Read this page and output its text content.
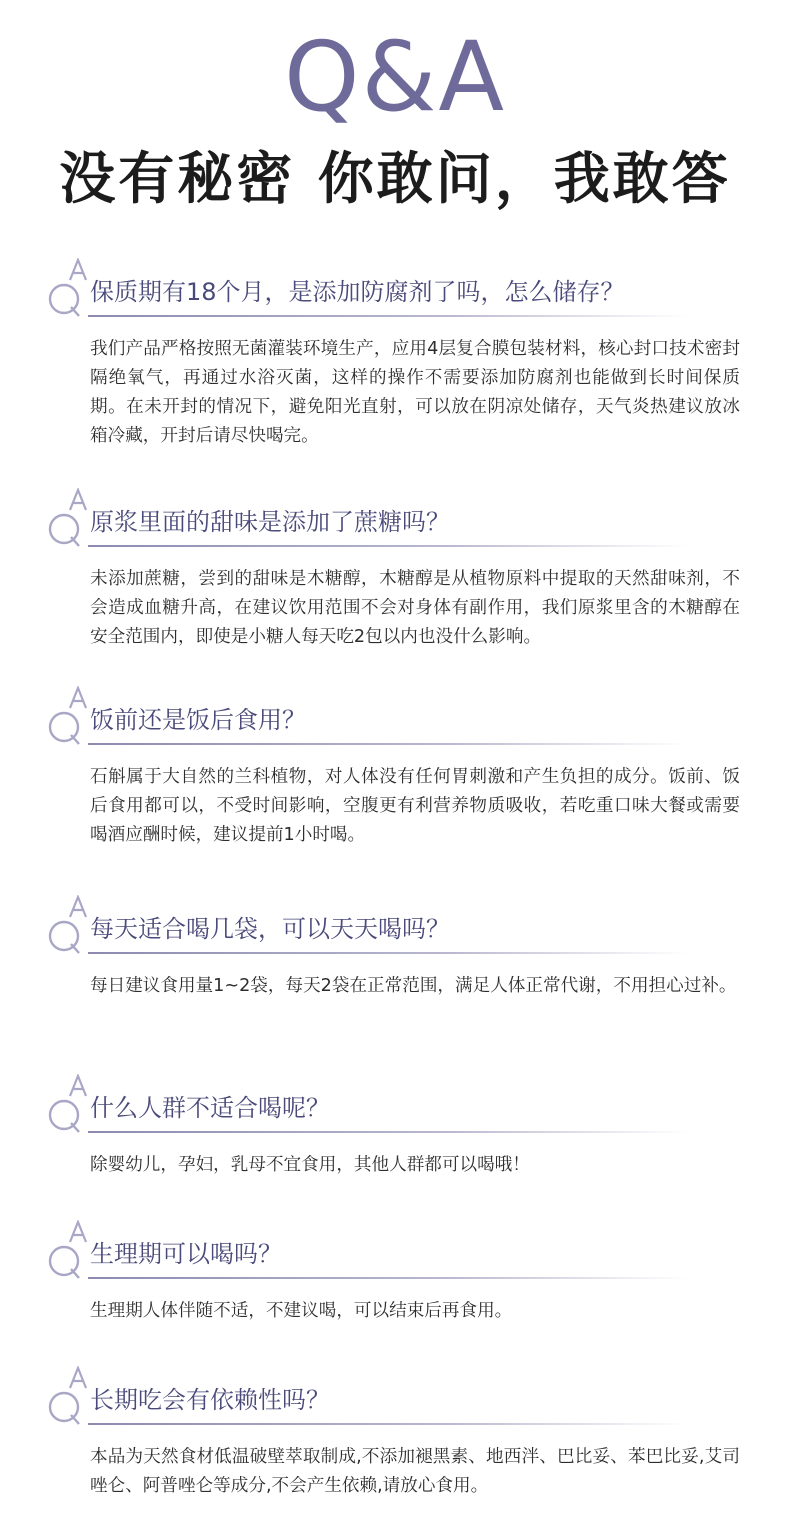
Q&A
没有秘密 你敢问，我敢答
保质期有18个月，是添加防腐剂了吗，怎么储存？

我们产品严格按照无菌灌装环境生产，应用4层复合膜包装材料，核心封口技术密封隔绝氧气，再通过水浴灭菌，这样的操作不需要添加防腐剂也能做到长时间保质期。在未开封的情况下，避免阳光直射，可以放在阴凉处储存，天气炎热建议放冰箱冷藏，开封后请尽快喝完。

原浆里面的甜味是添加了蔗糖吗？

未添加蔗糖，尝到的甜味是木糖醇，木糖醇是从植物原料中提取的天然甜味剂，不会造成血糖升高，在建议饮用范围不会对身体有副作用，我们原浆里含的木糖醇在安全范围内，即使是小糖人每天吃2包以内也没什么影响。

饭前还是饭后食用？

石斛属于大自然的兰科植物，对人体没有任何胃刺激和产生负担的成分。饭前、饭后食用都可以，不受时间影响，空腹更有利营养物质吸收，若吃重口味大餐或需要喝酒应酬时候，建议提前1小时喝。

每天适合喝几袋，可以天天喝吗？

每日建议食用量1~2袋，每天2袋在正常范围，满足人体正常代谢，不用担心过补。

什么人群不适合喝呢？

除婴幼儿，孕妇，乳母不宜食用，其他人群都可以喝哦！

生理期可以喝吗？

生理期人体伴随不适，不建议喝，可以结束后再食用。

长期吃会有依赖性吗？

本品为天然食材低温破壁萃取制成,不添加褪黑素、地西泮、巴比妥、苯巴比妥,艾司唑仑、阿普唑仑等成分,不会产生依赖,请放心食用。
